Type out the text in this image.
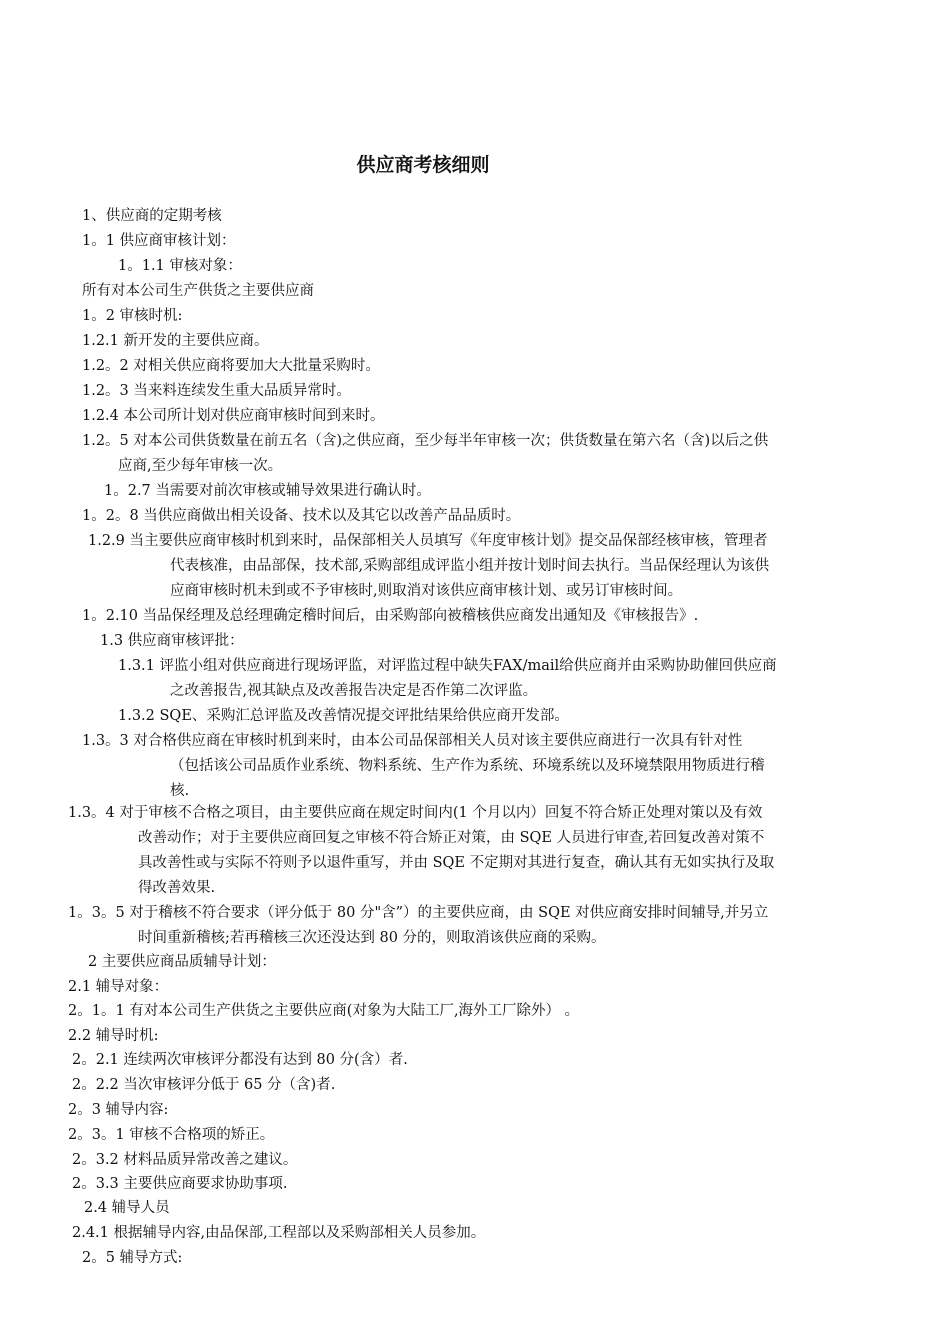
供应商考核细则
1、供应商的定期考核
1。1 供应商审核计划：
1。1.1 审核对象：
所有对本公司生产供货之主要供应商
1。2 审核时机:
1.2.1 新开发的主要供应商。
1.2。2 对相关供应商将要加大大批量采购时。
1.2。3 当来料连续发生重大品质异常时。
1.2.4 本公司所计划对供应商审核时间到来时。
1.2。5 对本公司供货数量在前五名（含)之供应商，至少每半年审核一次；供货数量在第六名（含)以后之供
应商,至少每年审核一次。
1。2.7 当需要对前次审核或辅导效果进行确认时。
1。2。8 当供应商做出相关设备、技术以及其它以改善产品品质时。
1.2.9 当主要供应商审核时机到来时，品保部相关人员填写《年度审核计划》提交品保部经核审核，管理者
代表核准，由品部保，技术部,采购部组成评监小组并按计划时间去执行。当品保经理认为该供
应商审核时机未到或不予审核时,则取消对该供应商审核计划、或另订审核时间。
1。2.10 当品保经理及总经理确定稽时间后，由采购部向被稽核供应商发出通知及《审核报告》.
1.3 供应商审核评批：
1.3.1 评监小组对供应商进行现场评监，对评监过程中缺失FAX/mail给供应商并由采购协助催回供应商
之改善报告,视其缺点及改善报告决定是否作第二次评监。
1.3.2 SQE、采购汇总评监及改善情况提交评批结果给供应商开发部。
1.3。3 对合格供应商在审核时机到来时，由本公司品保部相关人员对该主要供应商进行一次具有针对性
（包括该公司品质作业系统、物料系统、生产作为系统、环境系统以及环境禁限用物质进行稽
核.
1.3。4 对于审核不合格之项目，由主要供应商在规定时间内(1 个月以内）回复不符合矫正处理对策以及有效
改善动作；对于主要供应商回复之审核不符合矫正对策，由 SQE 人员进行审查,若回复改善对策不
具改善性或与实际不符则予以退件重写，并由 SQE 不定期对其进行复查，确认其有无如实执行及取
得改善效果.
1。3。5 对于稽核不符合要求（评分低于 80 分"含”）的主要供应商，由 SQE 对供应商安排时间辅导,并另立
时间重新稽核;若再稽核三次还没达到 80 分的，则取消该供应商的采购。
2 主要供应商品质辅导计划：
2.1 辅导对象：
2。1。1 有对本公司生产供货之主要供应商(对象为大陆工厂,海外工厂除外） 。
2.2 辅导时机:
2。2.1 连续两次审核评分都没有达到 80 分(含）者.
2。2.2 当次审核评分低于 65 分（含)者.
2。3 辅导内容:
2。3。1 审核不合格项的矫正。
2。3.2 材料品质异常改善之建议。
2。3.3 主要供应商要求协助事项.
2.4 辅导人员
2.4.1 根据辅导内容,由品保部,工程部以及采购部相关人员参加。
2。5 辅导方式:
